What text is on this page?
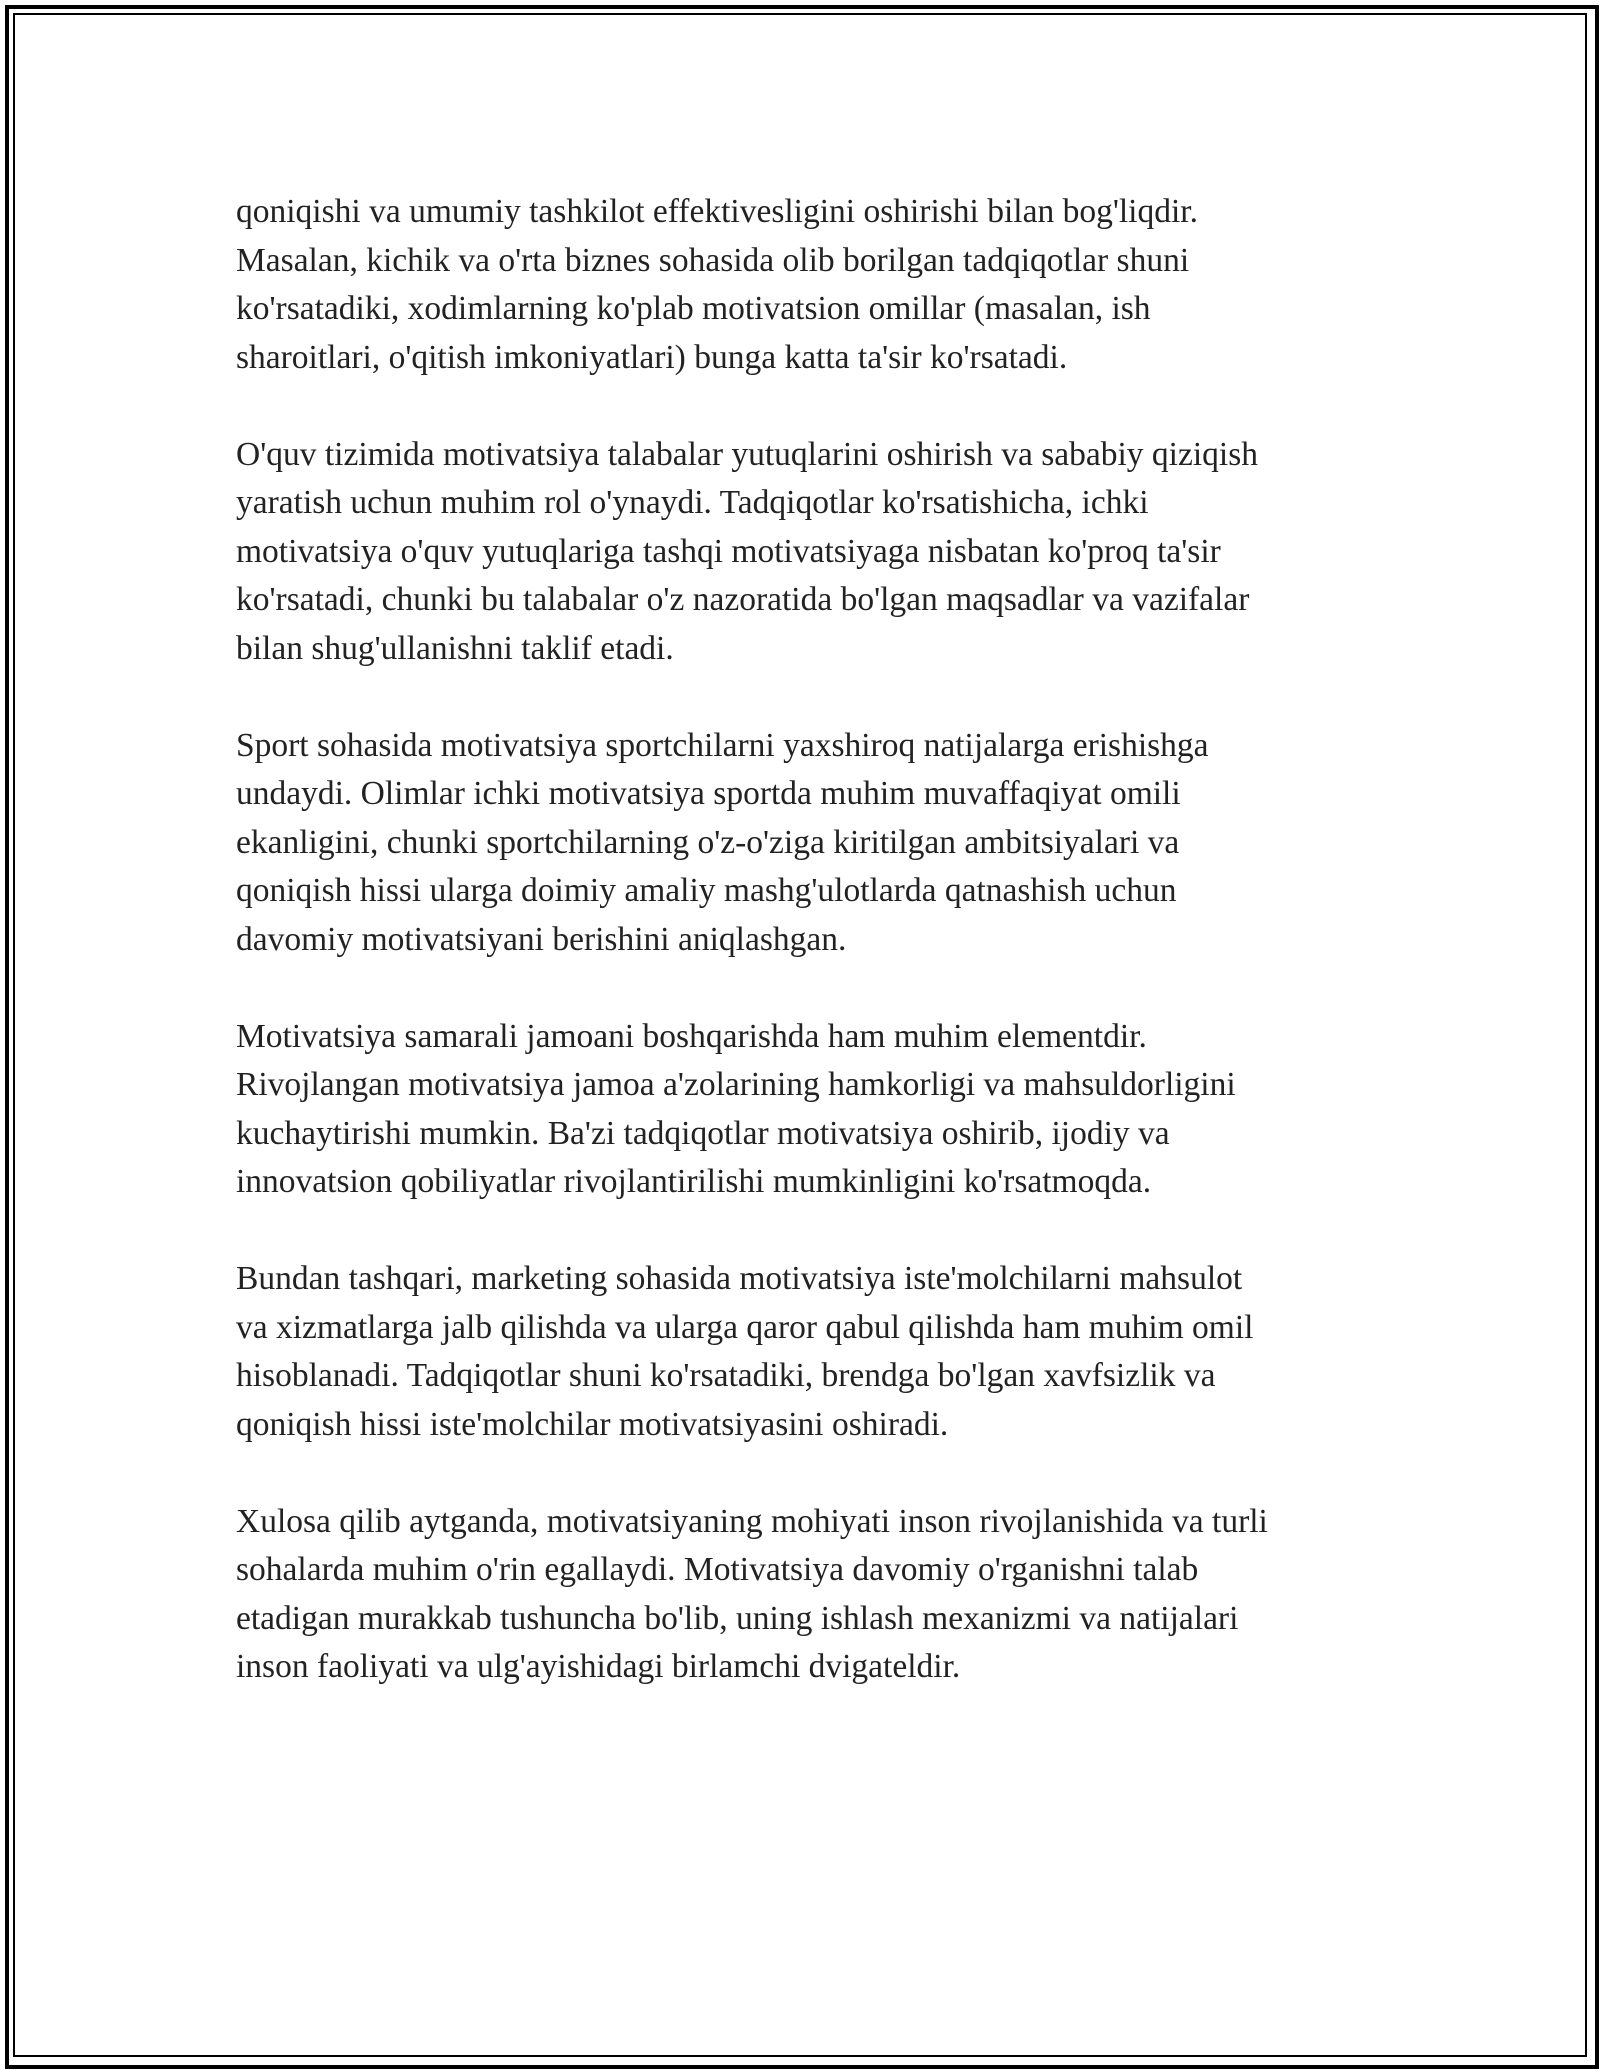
qoniqishi va umumiy tashkilot effektivesligini oshirishi bilan bog'liqdir.
Masalan, kichik va o'rta biznes sohasida olib borilgan tadqiqotlar shuni
ko'rsatadiki, xodimlarning ko'plab motivatsion omillar (masalan, ish
sharoitlari, o'qitish imkoniyatlari) bunga katta ta'sir ko'rsatadi.

O'quv tizimida motivatsiya talabalar yutuqlarini oshirish va sababiy qiziqish
yaratish uchun muhim rol o'ynaydi. Tadqiqotlar ko'rsatishicha, ichki
motivatsiya o'quv yutuqlariga tashqi motivatsiyaga nisbatan ko'proq ta'sir
ko'rsatadi, chunki bu talabalar o'z nazoratida bo'lgan maqsadlar va vazifalar
bilan shug'ullanishni taklif etadi.

Sport sohasida motivatsiya sportchilarni yaxshiroq natijalarga erishishga
undaydi. Olimlar ichki motivatsiya sportda muhim muvaffaqiyat omili
ekanligini, chunki sportchilarning o'z-o'ziga kiritilgan ambitsiyalari va
qoniqish hissi ularga doimiy amaliy mashg'ulotlarda qatnashish uchun
davomiy motivatsiyani berishini aniqlashgan.

Motivatsiya samarali jamoani boshqarishda ham muhim elementdir.
Rivojlangan motivatsiya jamoa a'zolarining hamkorligi va mahsuldorligini
kuchaytirishi mumkin. Ba'zi tadqiqotlar motivatsiya oshirib, ijodiy va
innovatsion qobiliyatlar rivojlantirilishi mumkinligini ko'rsatmoqda.

Bundan tashqari, marketing sohasida motivatsiya iste'molchilarni mahsulot
va xizmatlarga jalb qilishda va ularga qaror qabul qilishda ham muhim omil
hisoblanadi. Tadqiqotlar shuni ko'rsatadiki, brendga bo'lgan xavfsizlik va
qoniqish hissi iste'molchilar motivatsiyasini oshiradi.

Xulosa qilib aytganda, motivatsiyaning mohiyati inson rivojlanishida va turli
sohalarda muhim o'rin egallaydi. Motivatsiya davomiy o'rganishni talab
etadigan murakkab tushuncha bo'lib, uning ishlash mexanizmi va natijalari
inson faoliyati va ulg'ayishidagi birlamchi dvigateldir.
